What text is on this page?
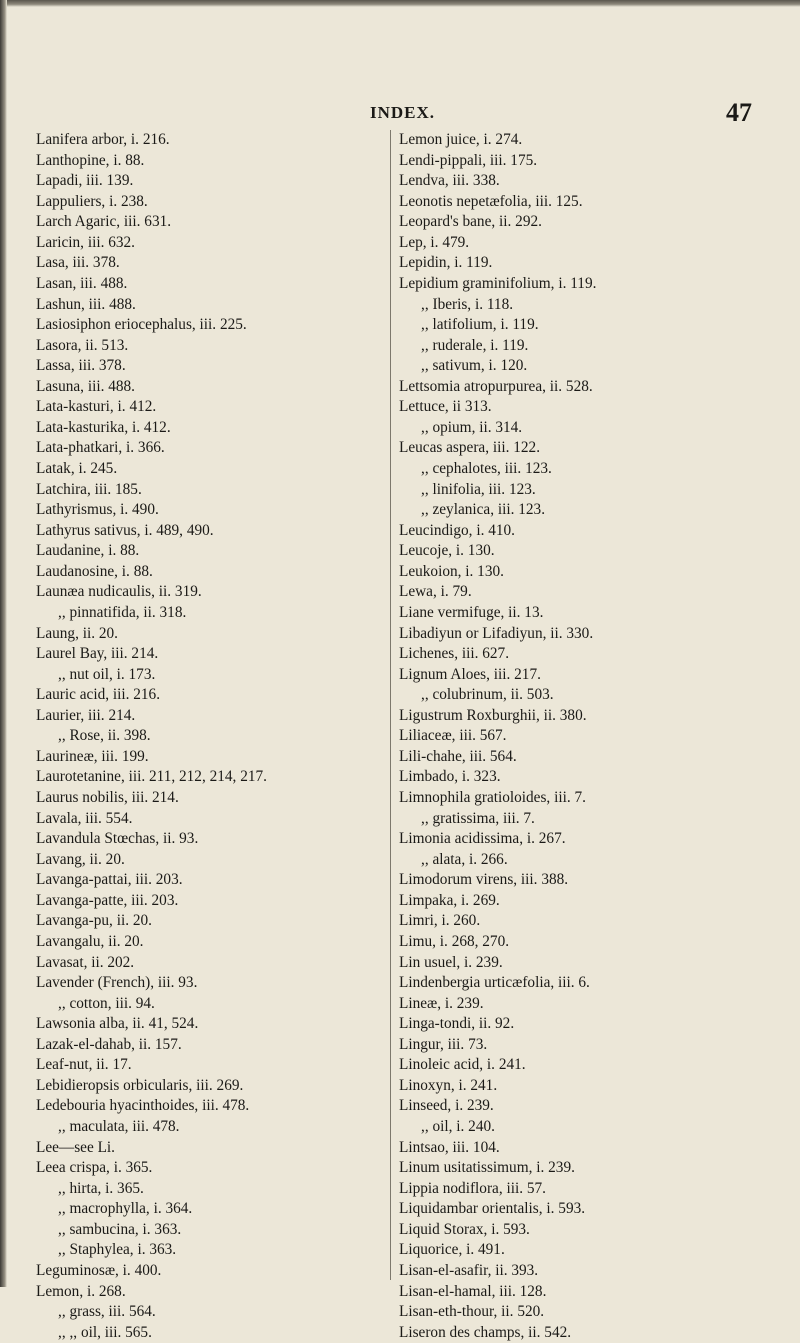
INDEX.	47
Lanifera arbor, i. 216.
Lanthopine, i. 88.
Lapadi, iii. 139.
Lappuliers, i. 238.
Larch Agaric, iii. 631.
Laricin, iii. 632.
Lasa, iii. 378.
Lasan, iii. 488.
Lashun, iii. 488.
Lasiosiphon eriocephalus, iii. 225.
Lasora, ii. 513.
Lassa, iii. 378.
Lasuna, iii. 488.
Lata-kasturi, i. 412.
Lata-kasturika, i. 412.
Lata-phatkari, i. 366.
Latak, i. 245.
Latchira, iii. 185.
Lathyrismus, i. 490.
Lathyrus sativus, i. 489, 490.
Laudanine, i. 88.
Laudanosine, i. 88.
Launæa nudicaulis, ii. 319.
,, pinnatifida, ii. 318.
Laung, ii. 20.
Laurel Bay, iii. 214.
,, nut oil, i. 173.
Lauric acid, iii. 216.
Laurier, iii. 214.
,, Rose, ii. 398.
Laurineæ, iii. 199.
Laurotetanine, iii. 211, 212, 214, 217.
Laurus nobilis, iii. 214.
Lavala, iii. 554.
Lavandula Stœchas, ii. 93.
Lavang, ii. 20.
Lavanga-pattai, iii. 203.
Lavanga-patte, iii. 203.
Lavanga-pu, ii. 20.
Lavangalu, ii. 20.
Lavasat, ii. 202.
Lavender (French), iii. 93.
,, cotton, iii. 94.
Lawsonia alba, ii. 41, 524.
Lazak-el-dahab, ii. 157.
Leaf-nut, ii. 17.
Lebidieropsis orbicularis, iii. 269.
Ledebouria hyacinthoides, iii. 478.
,, maculata, iii. 478.
Lee—see Li.
Leea crispa, i. 365.
,, hirta, i. 365.
,, macrophylla, i. 364.
,, sambucina, i. 363.
,, Staphylea, i. 363.
Leguminosæ, i. 400.
Lemon, i. 268.
,, grass, iii. 564.
,, ,, oil, iii. 565.
Lemon juice, i. 274.
Lendi-pippali, iii. 175.
Lendva, iii. 338.
Leonotis nepetæfolia, iii. 125.
Leopard's bane, ii. 292.
Lep, i. 479.
Lepidin, i. 119.
Lepidium graminifolium, i. 119.
,, Iberis, i. 118.
,, latifolium, i. 119.
,, ruderale, i. 119.
,, sativum, i. 120.
Lettsomia atropurpurea, ii. 528.
Lettuce, ii 313.
,, opium, ii. 314.
Leucas aspera, iii. 122.
,, cephalotes, iii. 123.
,, linifolia, iii. 123.
,, zeylanica, iii. 123.
Leucindigo, i. 410.
Leucoje, i. 130.
Leukoion, i. 130.
Lewa, i. 79.
Liane vermifuge, ii. 13.
Libadiyun or Lifadiyun, ii. 330.
Lichenes, iii. 627.
Lignum Aloes, iii. 217.
,, colubrinum, ii. 503.
Ligustrum Roxburghii, ii. 380.
Liliaceæ, iii. 567.
Lili-chahe, iii. 564.
Limbado, i. 323.
Limnophila gratioloides, iii. 7.
,, gratissima, iii. 7.
Limonia acidissima, i. 267.
,, alata, i. 266.
Limodorum virens, iii. 388.
Limpaka, i. 269.
Limri, i. 260.
Limu, i. 268, 270.
Lin usuel, i. 239.
Lindenbergia urticæfolia, iii. 6.
Lineæ, i. 239.
Linga-tondi, ii. 92.
Lingur, iii. 73.
Linoleic acid, i. 241.
Linoxyn, i. 241.
Linseed, i. 239.
,, oil, i. 240.
Lintsao, iii. 104.
Linum usitatissimum, i. 239.
Lippia nodiflora, iii. 57.
Liquidambar orientalis, i. 593.
Liquid Storax, i. 593.
Liquorice, i. 491.
Lisan-el-asafir, ii. 393.
Lisan-el-hamal, iii. 128.
Lisan-eth-thour, ii. 520.
Liseron des champs, ii. 542.
